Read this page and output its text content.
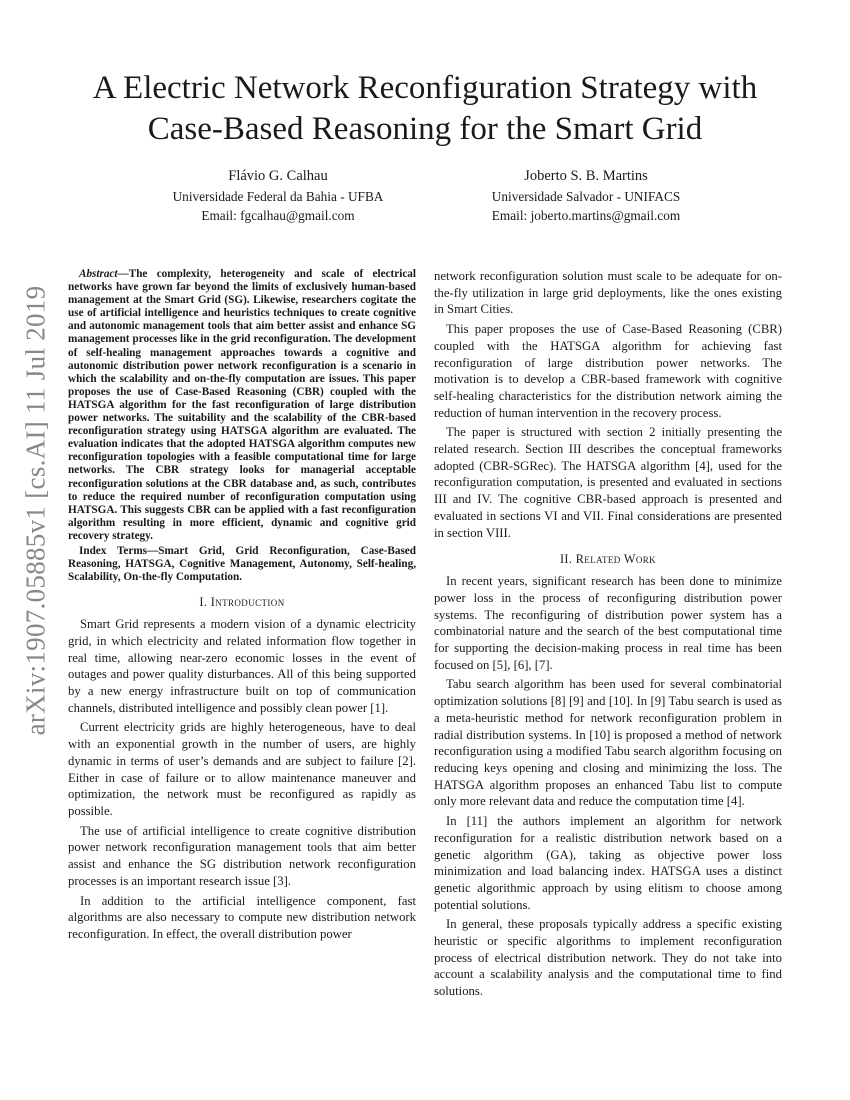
arXiv:1907.05885v1 [cs.AI] 11 Jul 2019
A Electric Network Reconfiguration Strategy with
Case-Based Reasoning for the Smart Grid
Flávio G. Calhau
Universidade Federal da Bahia - UFBA
Email: fgcalhau@gmail.com
Joberto S. B. Martins
Universidade Salvador - UNIFACS
Email: joberto.martins@gmail.com

Abstract—The complexity, heterogeneity and scale of electrical networks have grown far beyond the limits of exclusively human-based management at the Smart Grid (SG). Likewise, researchers cogitate the use of artificial intelligence and heuristics techniques to create cognitive and autonomic management tools that aim better assist and enhance SG management processes like in the grid reconfiguration. The development of self-healing management approaches towards a cognitive and autonomic distribution power network reconfiguration is a scenario in which the scalability and on-the-fly computation are issues. This paper proposes the use of Case-Based Reasoning (CBR) coupled with the HATSGA algorithm for the fast reconfiguration of large distribution power networks. The suitability and the scalability of the CBR-based reconfiguration strategy using HATSGA algorithm are evaluated. The evaluation indicates that the adopted HATSGA algorithm computes new reconfiguration topologies with a feasible computational time for large networks. The CBR strategy looks for managerial acceptable reconfiguration solutions at the CBR database and, as such, contributes to reduce the required number of reconfiguration computation using HATSGA. This suggests CBR can be applied with a fast reconfiguration algorithm resulting in more efficient, dynamic and cognitive grid recovery strategy.

Index Terms—Smart Grid, Grid Reconfiguration, Case-Based Reasoning, HATSGA, Cognitive Management, Autonomy, Self-healing, Scalability, On-the-fly Computation.

I. Introduction

Smart Grid represents a modern vision of a dynamic electricity grid, in which electricity and related information flow together in real time, allowing near-zero economic losses in the event of outages and power quality disturbances. All of this being supported by a new energy infrastructure built on top of communication channels, distributed intelligence and possibly clean power [1].

Current electricity grids are highly heterogeneous, have to deal with an exponential growth in the number of users, are highly dynamic in terms of user’s demands and are subject to failure [2]. Either in case of failure or to allow maintenance maneuver and optimization, the network must be reconfigured as rapidly as possible.

The use of artificial intelligence to create cognitive distribution power network reconfiguration management tools that aim better assist and enhance the SG distribution network reconfiguration processes is an important research issue [3].

In addition to the artificial intelligence component, fast algorithms are also necessary to compute new distribution network reconfiguration. In effect, the overall distribution power

network reconfiguration solution must scale to be adequate for on-the-fly utilization in large grid deployments, like the ones existing in Smart Cities.

This paper proposes the use of Case-Based Reasoning (CBR) coupled with the HATSGA algorithm for achieving fast reconfiguration of large distribution power networks. The motivation is to develop a CBR-based framework with cognitive self-healing characteristics for the distribution network aiming the reduction of human intervention in the recovery process.

The paper is structured with section 2 initially presenting the related research. Section III describes the conceptual frameworks adopted (CBR-SGRec). The HATSGA algorithm [4], used for the reconfiguration computation, is presented and evaluated in sections III and IV. The cognitive CBR-based approach is presented and evaluated in sections VI and VII. Final considerations are presented in section VIII.

II. Related Work

In recent years, significant research has been done to minimize power loss in the process of reconfiguring distribution power systems. The reconfiguring of distribution power system has a combinatorial nature and the search of the best computational time for supporting the decision-making process in real time has been focused on [5], [6], [7].

Tabu search algorithm has been used for several combinatorial optimization solutions [8] [9] and [10]. In [9] Tabu search is used as a meta-heuristic method for network reconfiguration problem in radial distribution systems. In [10] is proposed a method of network reconfiguration using a modified Tabu search algorithm focusing on reducing keys opening and closing and minimizing the loss. The HATSGA algorithm proposes an enhanced Tabu list to compute only more relevant data and reduce the computation time [4].

In [11] the authors implement an algorithm for network reconfiguration for a realistic distribution network based on a genetic algorithm (GA), taking as objective power loss minimization and load balancing index. HATSGA uses a distinct genetic algorithmic approach by using elitism to choose among potential solutions.

In general, these proposals typically address a specific existing heuristic or specific algorithms to implement reconfiguration process of electrical distribution network. They do not take into account a scalability analysis and the computational time to find solutions.
